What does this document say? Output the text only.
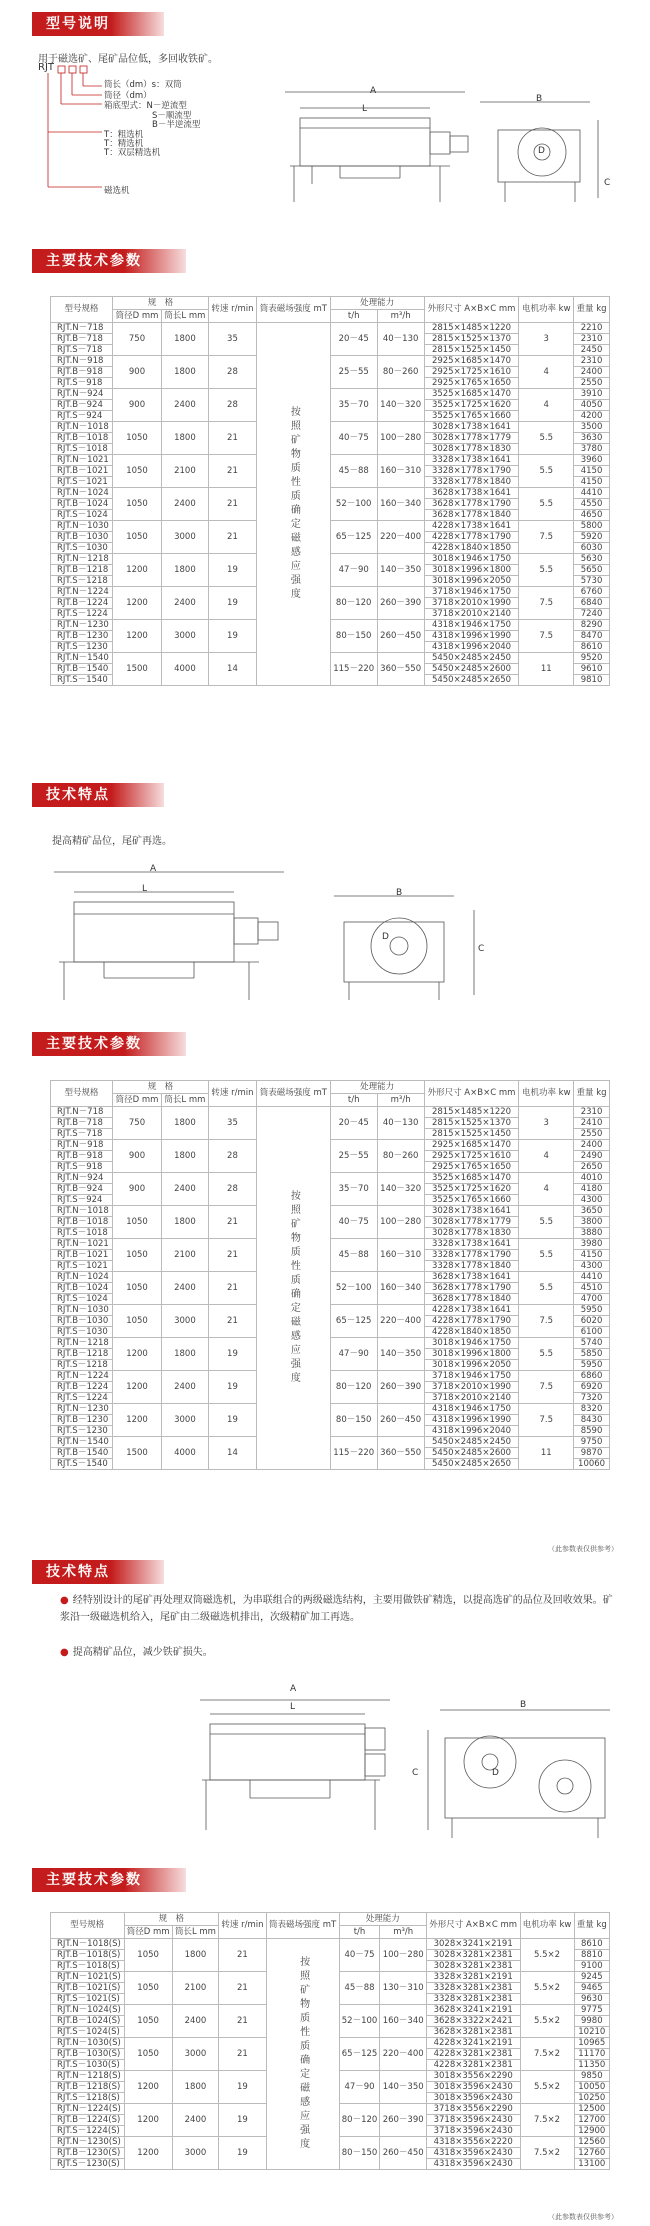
型号说明
用于磁选矿、尾矿品位低，多回收铁矿。
RJT
筒长（dm）s：双筒
筒径（dm）
箱底型式：N－逆流型
S－顺流型
B－半逆流型
T：粗选机
T：精选机
T：双层精选机
磁选机
A
L
B
D
C
主要技术参数
型号规格	规　格		转速 r/min	筒表磁场强度 mT	处理能力		外形尺寸 A×B×C mm	电机功率 kw	重量 kg
	筒径D mm	筒长L mm			t/h	m³/h			
RJT.N－718	750	1800	35	按照矿物质性质确定磁感应强度	20－45	40－130	2815×1485×1220	3	2210
RJT.B－718							2815×1525×1370		2310
RJT.S－718							2815×1525×1450		2450
RJT.N－918	900	1800	28		25－55	80－260	2925×1685×1470	4	2310
RJT.B－918							2925×1725×1610		2400
RJT.S－918							2925×1765×1650		2550
RJT.N－924	900	2400	28		35－70	140－320	3525×1685×1470	4	3910
RJT.B－924							3525×1725×1620		4050
RJT.S－924							3525×1765×1660		4200
RJT.N－1018	1050	1800	21		40－75	100－280	3028×1738×1641	5.5	3500
RJT.B－1018							3028×1778×1779		3630
RJT.S－1018							3028×1778×1830		3780
RJT.N－1021	1050	2100	21		45－88	160－310	3328×1738×1641	5.5	3960
RJT.B－1021							3328×1778×1790		4150
RJT.S－1021							3328×1778×1840		4150
RJT.N－1024	1050	2400	21		52－100	160－340	3628×1738×1641	5.5	4410
RJT.B－1024							3628×1778×1790		4550
RJT.S－1024							3628×1778×1840		4650
RJT.N－1030	1050	3000	21		65－125	220－400	4228×1738×1641	7.5	5800
RJT.B－1030							4228×1778×1790		5920
RJT.S－1030							4228×1840×1850		6030
RJT.N－1218	1200	1800	19		47－90	140－350	3018×1946×1750	5.5	5630
RJT.B－1218							3018×1996×1800		5650
RJT.S－1218							3018×1996×2050		5730
RJT.N－1224	1200	2400	19		80－120	260－390	3718×1946×1750	7.5	6760
RJT.B－1224							3718×2010×1990		6840
RJT.S－1224							3718×2010×2140		7240
RJT.N－1230	1200	3000	19		80－150	260－450	4318×1946×1750	7.5	8290
RJT.B－1230							4318×1996×1990		8470
RJT.S－1230							4318×1996×2040		8610
RJT.N－1540	1500	4000	14		115－220	360－550	5450×2485×2450	11	9520
RJT.B－1540							5450×2485×2600		9610
RJT.S－1540							5450×2485×2650		9810
技术特点
提高精矿品位，尾矿再选。
A
L	B
D
C
主要技术参数
型号规格	规　格		转速 r/min	筒表磁场强度 mT	处理能力		外形尺寸 A×B×C mm	电机功率 kw	重量 kg
	筒径D mm	筒长L mm			t/h	m³/h			
RJT.N－718	750	1800	35	按照矿物质性质确定磁感应强度	20－45	40－130	2815×1485×1220	3	2310
RJT.B－718							2815×1525×1370		2410
RJT.S－718							2815×1525×1450		2550
RJT.N－918	900	1800	28		25－55	80－260	2925×1685×1470	4	2400
RJT.B－918							2925×1725×1610		2490
RJT.S－918							2925×1765×1650		2650
RJT.N－924	900	2400	28		35－70	140－320	3525×1685×1470	4	4010
RJT.B－924							3525×1725×1620		4180
RJT.S－924							3525×1765×1660		4300
RJT.N－1018	1050	1800	21		40－75	100－280	3028×1738×1641	5.5	3650
RJT.B－1018							3028×1778×1779		3800
RJT.S－1018							3028×1778×1830		3880
RJT.N－1021	1050	2100	21		45－88	160－310	3328×1738×1641	5.5	3980
RJT.B－1021							3328×1778×1790		4150
RJT.S－1021							3328×1778×1840		4300
RJT.N－1024	1050	2400	21		52－100	160－340	3628×1738×1641	5.5	4410
RJT.B－1024							3628×1778×1790		4510
RJT.S－1024							3628×1778×1840		4700
RJT.N－1030	1050	3000	21		65－125	220－400	4228×1738×1641	7.5	5950
RJT.B－1030							4228×1778×1790		6020
RJT.S－1030							4228×1840×1850		6100
RJT.N－1218	1200	1800	19		47－90	140－350	3018×1946×1750	5.5	5740
RJT.B－1218							3018×1996×1800		5850
RJT.S－1218							3018×1996×2050		5950
RJT.N－1224	1200	2400	19		80－120	260－390	3718×1946×1750	7.5	6860
RJT.B－1224							3718×2010×1990		6920
RJT.S－1224							3718×2010×2140		7320
RJT.N－1230	1200	3000	19		80－150	260－450	4318×1946×1750	7.5	8320
RJT.B－1230							4318×1996×1990		8430
RJT.S－1230							4318×1996×2040		8590
RJT.N－1540	1500	4000	14		115－220	360－550	5450×2485×2450	11	9750
RJT.B－1540							5450×2485×2600		9870
RJT.S－1540							5450×2485×2650		10060
（此参数表仅供参考）
技术特点
● 经特别设计的尾矿再处理双筒磁选机，为串联组合的两级磁选结构，主要用做铁矿精选，以提高选矿的品位及回收效果。矿浆沿一级磁选机给入，尾矿由二级磁选机排出，次级精矿加工再选。
● 提高精矿品位，减少铁矿损失。
A
L	B
C	D
主要技术参数
型号规格	规　格		转速 r/min	筒表磁场强度 mT	处理能力		外形尺寸 A×B×C mm	电机功率 kw	重量 kg
	筒径D mm	筒长L mm			t/h	m³/h			
RJT.N－1018(S)	1050	1800	21	按照矿物质性质确定磁感应强度	40－75	100－280	3028×3241×2191	5.5×2	8610
RJT.B－1018(S)							3028×3281×2381		8810
RJT.S－1018(S)							3028×3281×2381		9100
RJT.N－1021(S)	1050	2100	21		45－88	130－310	3328×3281×2191	5.5×2	9245
RJT.B－1021(S)							3328×3281×2381		9465
RJT.S－1021(S)							3328×3281×2381		9630
RJT.N－1024(S)	1050	2400	21		52－100	160－340	3628×3241×2191	5.5×2	9775
RJT.B－1024(S)							3628×3322×2421		9980
RJT.S－1024(S)							3628×3281×2381		10210
RJT.N－1030(S)	1050	3000	21		65－125	220－400	4228×3241×2191	7.5×2	10965
RJT.B－1030(S)							4228×3281×2381		11170
RJT.S－1030(S)							4228×3281×2381		11350
RJT.N－1218(S)	1200	1800	19		47－90	140－350	3018×3556×2290	5.5×2	9850
RJT.B－1218(S)							3018×3596×2430		10050
RJT.S－1218(S)							3018×3596×2430		10250
RJT.N－1224(S)	1200	2400	19		80－120	260－390	3718×3556×2290	7.5×2	12500
RJT.B－1224(S)							3718×3596×2430		12700
RJT.S－1224(S)							3718×3596×2430		12900
RJT.N－1230(S)	1200	3000	19		80－150	260－450	4318×3556×2220	7.5×2	12560
RJT.B－1230(S)							4318×3596×2430		12760
RJT.S－1230(S)							4318×3596×2430		13100
（此参数表仅供参考）
